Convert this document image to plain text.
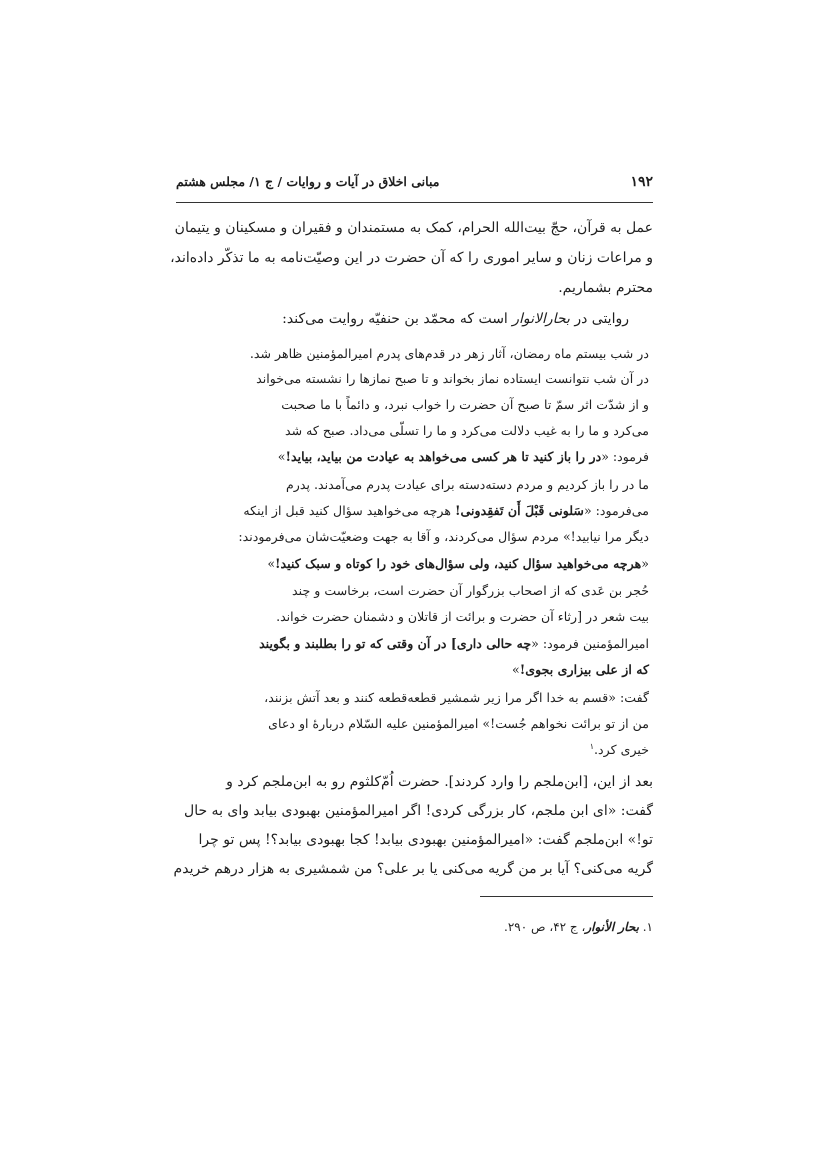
۱۹۲
مبانی اخلاق در آیات و روایات / ج ۱/ مجلس هشتم
عمل به قرآن، حجّ بیت‌الله الحرام، کمک به مستمندان و فقیران و مسکینان و یتیمان
و مراعات زنان و سایر اموری را که آن حضرت در این وصیّت‌نامه به ما تذکّر داده‌اند،
محترم بشماریم.
روایتی در بحارالانوار است که محمّد بن حنفیّه روایت می‌کند:
در شب بیستم ماه رمضان، آثار زهر در قدم‌های پدرم امیرالمؤمنین ظاهر شد.
در آن شب نتوانست ایستاده نماز بخواند و تا صبح نمازها را نشسته می‌خواند
و از شدّت اثر سمّ تا صبح آن حضرت را خواب نبرد، و دائماً با ما صحبت
می‌کرد و ما را به غیب دلالت می‌کرد و ما را تسلّی می‌داد. صبح که شد
فرمود: «در را باز کنید تا هر کسی می‌خواهد به عیادت من بیاید، بیاید!»
ما در را باز کردیم و مردم دسته‌دسته برای عیادت پدرم می‌آمدند. پدرم
می‌فرمود: «سَلونی قَبْلَ أَن تَفقِدونی! هرچه می‌خواهید سؤال کنید قبل از اینکه
دیگر مرا نیابید!» مردم سؤال می‌کردند، و آقا به جهت وضعیّت‌شان می‌فرمودند:
«هرچه می‌خواهید سؤال کنید، ولی سؤال‌های خود را کوتاه و سبک کنید!»
حُجر بن عَدی که از اصحاب بزرگوار آن حضرت است، برخاست و چند
بیت شعر در [رثاء آن حضرت و برائت از قاتلان و دشمنان حضرت خواند.
امیرالمؤمنین فرمود: «چه حالی داری] در آن وقتی که تو را بطلبند و بگویند
که از علی بیزاری بجوی!»
گفت: «قسم به خدا اگر مرا زیر شمشیر قطعه‌قطعه کنند و بعد آتش بزنند،
من از تو برائت نخواهم جُست!» امیرالمؤمنین علیه السّلام دربارهٔ او دعای
خیری کرد.$^۱$
بعد از این، [ابن‌ملجم را وارد کردند]. حضرت اُمّ‌کلثوم رو به ابن‌ملجم کرد و
گفت: «ای ابن ملجم، کار بزرگی کردی! اگر امیرالمؤمنین بهبودی بیابد وای به حال
تو!» ابن‌ملجم گفت: «امیرالمؤمنین بهبودی بیابد! کجا بهبودی بیابد؟! پس تو چرا
گریه می‌کنی؟ آیا بر من گریه می‌کنی یا بر علی؟ من شمشیری به هزار درهم خریدم
۱. بحار الأنوار، ج ۴۲، ص ۲۹۰.
